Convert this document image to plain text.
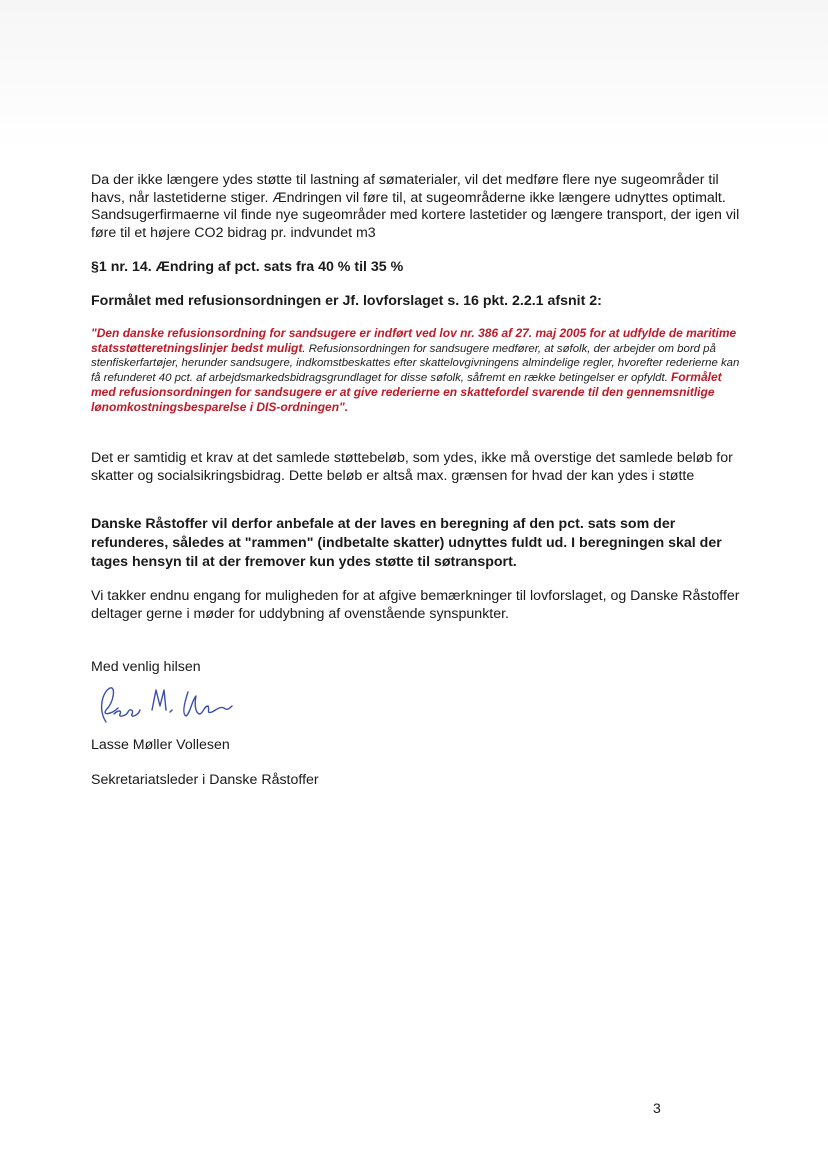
Da der ikke længere ydes støtte til lastning af sømaterialer, vil det medføre flere nye sugeområder til havs, når lastetiderne stiger. Ændringen vil føre til, at sugeområderne ikke længere udnyttes optimalt. Sandsugerfirmaerne vil finde nye sugeområder med kortere lastetider og længere transport, der igen vil føre til et højere CO2 bidrag pr. indvundet m3
§1 nr. 14. Ændring af pct. sats fra 40 % til 35 %
Formålet med refusionsordningen er Jf. lovforslaget s. 16 pkt. 2.2.1 afsnit 2:
"Den danske refusionsordning for sandsugere er indført ved lov nr. 386 af 27. maj 2005 for at udfylde de maritime statsstøtteretningslinjer bedst muligt. Refusionsordningen for sandsugere medfører, at søfolk, der arbejder om bord på stenfiskerfartøjer, herunder sandsugere, indkomstbeskattes efter skattelovgivningens almindelige regler, hvorefter rederierne kan få refunderet 40 pct. af arbejdsmarkedsbidragsgrundlaget for disse søfolk, såfremt en række betingelser er opfyldt. Formålet med refusionsordningen for sandsugere er at give rederierne en skattefordel svarende til den gennemsnitlige lønomkostningsbesparelse i DIS-ordningen".
Det er samtidig et krav at det samlede støttebeløb, som ydes, ikke må overstige det samlede beløb for skatter og socialsikringsbidrag. Dette beløb er altså max. grænsen for hvad der kan ydes i støtte
Danske Råstoffer vil derfor anbefale at der laves en beregning af den pct. sats som der refunderes, således at "rammen" (indbetalte skatter) udnyttes fuldt ud. I beregningen skal der tages hensyn til at der fremover kun ydes støtte til søtransport.
Vi takker endnu engang for muligheden for at afgive bemærkninger til lovforslaget, og Danske Råstoffer deltager gerne i møder for uddybning af ovenstående synspunkter.
Med venlig hilsen
Lasse Møller Vollesen
Sekretariatsleder i Danske Råstoffer
3
